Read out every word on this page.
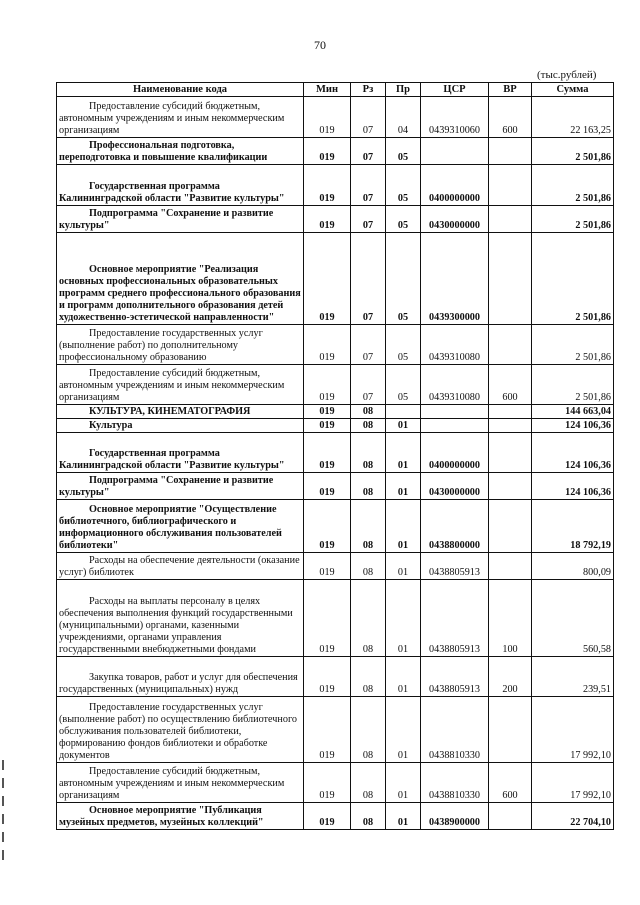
70
(тыс.рублей)
Наименование кода	Мин	Рз	Пр	ЦСР	ВР	Сумма
Предоставление субсидий бюджетным, автономным учреждениям и иным некоммерческим организациям	019	07	04	0439310060	600	22 163,25
Профессиональная подготовка, переподготовка и повышение квалификации	019	07	05			2 501,86
Государственная программа Калининградской области "Развитие культуры"	019	07	05	0400000000		2 501,86
Подпрограмма "Сохранение и развитие культуры"	019	07	05	0430000000		2 501,86
Основное мероприятие "Реализация основных профессиональных образовательных программ среднего профессионального образования и программ дополнительного образования детей художественно-эстетической направленности"	019	07	05	0439300000		2 501,86
Предоставление государственных услуг (выполнение работ) по дополнительному профессиональному образованию	019	07	05	0439310080		2 501,86
Предоставление субсидий бюджетным, автономным учреждениям и иным некоммерческим организациям	019	07	05	0439310080	600	2 501,86
КУЛЬТУРА, КИНЕМАТОГРАФИЯ	019	08				144 663,04
Культура	019	08	01			124 106,36
Государственная программа Калининградской области "Развитие культуры"	019	08	01	0400000000		124 106,36
Подпрограмма "Сохранение и развитие культуры"	019	08	01	0430000000		124 106,36
Основное мероприятие "Осуществление библиотечного, библиографического и информационного обслуживания пользователей библиотеки"	019	08	01	0438800000		18 792,19
Расходы на обеспечение деятельности (оказание услуг) библиотек	019	08	01	0438805913		800,09
Расходы на выплаты персоналу в целях обеспечения выполнения функций государственными (муниципальными) органами, казенными учреждениями, органами управления государственными внебюджетными фондами	019	08	01	0438805913	100	560,58
Закупка товаров, работ и услуг для обеспечения государственных (муниципальных) нужд	019	08	01	0438805913	200	239,51
Предоставление государственных услуг (выполнение работ) по осуществлению библиотечного обслуживания пользователей библиотеки, формированию фондов библиотеки и обработке документов	019	08	01	0438810330		17 992,10
Предоставление субсидий бюджетным, автономным учреждениям и иным некоммерческим организациям	019	08	01	0438810330	600	17 992,10
Основное мероприятие "Публикация музейных предметов, музейных коллекций"	019	08	01	0438900000		22 704,10
